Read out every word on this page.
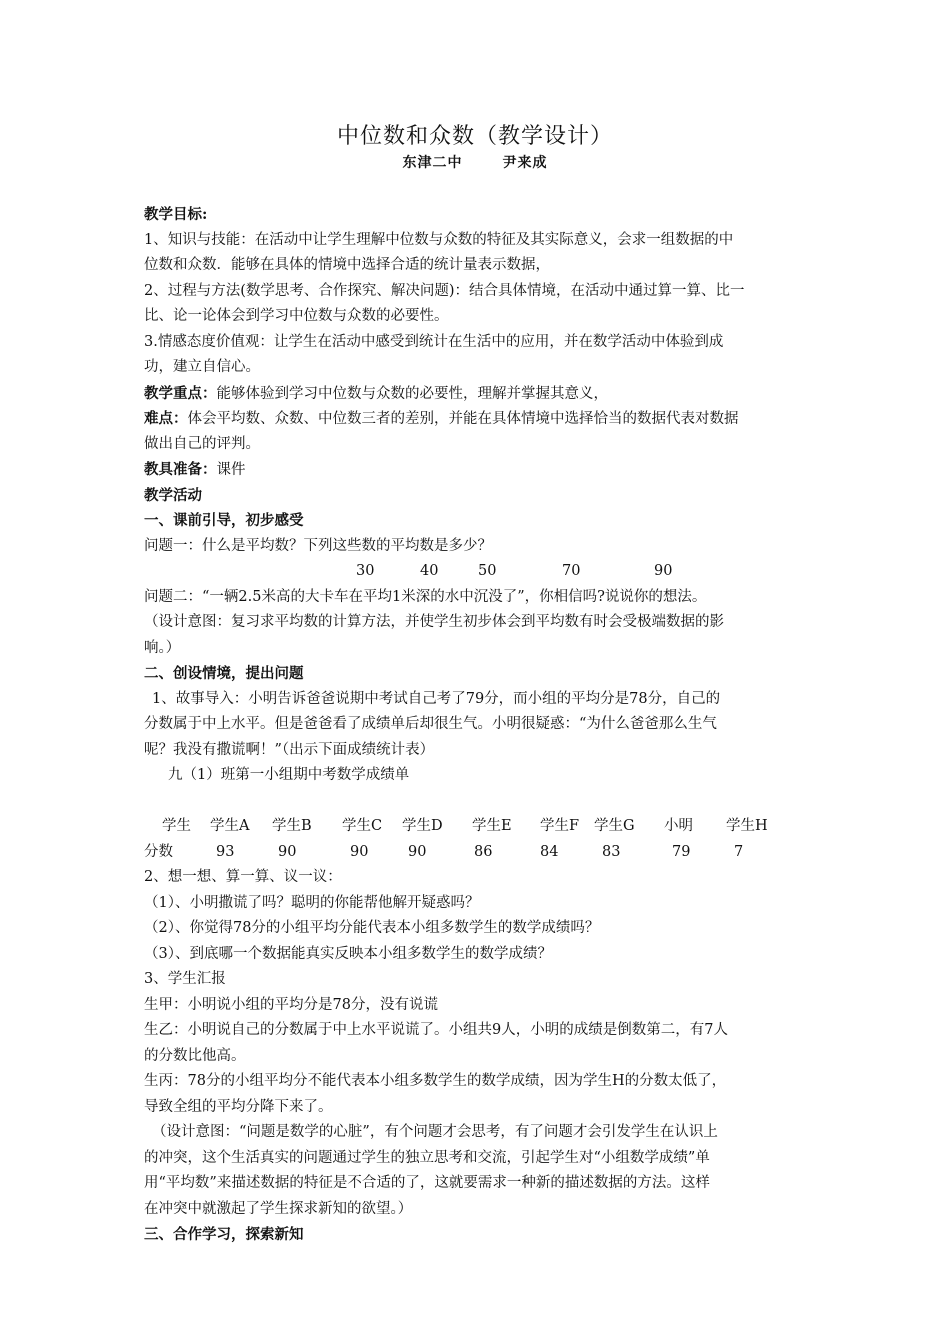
中位数和众数（教学设计）
东津二中	尹来成
教学目标:
1、知识与技能：在活动中让学生理解中位数与众数的特征及其实际意义，会求一组数据的中
位数和众数．能够在具体的情境中选择合适的统计量表示数据，
2、过程与方法(数学思考、合作探究、解决问题)：结合具体情境，在活动中通过算一算、比一
比、论一论体会到学习中位数与众数的必要性。
3.情感态度价值观：让学生在活动中感受到统计在生活中的应用，并在数学活动中体验到成
功，建立自信心。
教学重点：能够体验到学习中位数与众数的必要性，理解并掌握其意义，
难点：体会平均数、众数、中位数三者的差别，并能在具体情境中选择恰当的数据代表对数据
做出自己的评判。
教具准备：课件
教学活动
一、课前引导，初步感受
问题一：什么是平均数？下列这些数的平均数是多少？
30	40	50	70	90
问题二：“一辆2.5米高的大卡车在平均1米深的水中沉没了”，你相信吗?说说你的想法。
（设计意图：复习求平均数的计算方法，并使学生初步体会到平均数有时会受极端数据的影
响。）
二、创设情境，提出问题
1、故事导入：小明告诉爸爸说期中考试自己考了79分，而小组的平均分是78分，自己的
分数属于中上水平。但是爸爸看了成绩单后却很生气。小明很疑惑：“为什么爸爸那么生气
呢？我没有撒谎啊！”（出示下面成绩统计表）
九（1）班第一小组期中考数学成绩单
学生 学生A 学生B 学生C 学生D 学生E 学生F 学生G 小明 学生H
分数	93	90	90	90	86	84	83	79	7
2、想一想、算一算、议一议：
（1）、小明撒谎了吗？聪明的你能帮他解开疑惑吗？
（2）、你觉得78分的小组平均分能代表本小组多数学生的数学成绩吗？
（3）、到底哪一个数据能真实反映本小组多数学生的数学成绩？
3、学生汇报
生甲：小明说小组的平均分是78分，没有说谎
生乙：小明说自己的分数属于中上水平说谎了。小组共9人，小明的成绩是倒数第二，有7人
的分数比他高。
生丙：78分的小组平均分不能代表本小组多数学生的数学成绩，因为学生H的分数太低了，
导致全组的平均分降下来了。
（设计意图：“问题是数学的心脏”，有个问题才会思考，有了问题才会引发学生在认识上
的冲突，这个生活真实的问题通过学生的独立思考和交流，引起学生对“小组数学成绩”单
用“平均数”来描述数据的特征是不合适的了，这就要需求一种新的描述数据的方法。这样
在冲突中就激起了学生探求新知的欲望。）
三、合作学习，探索新知
